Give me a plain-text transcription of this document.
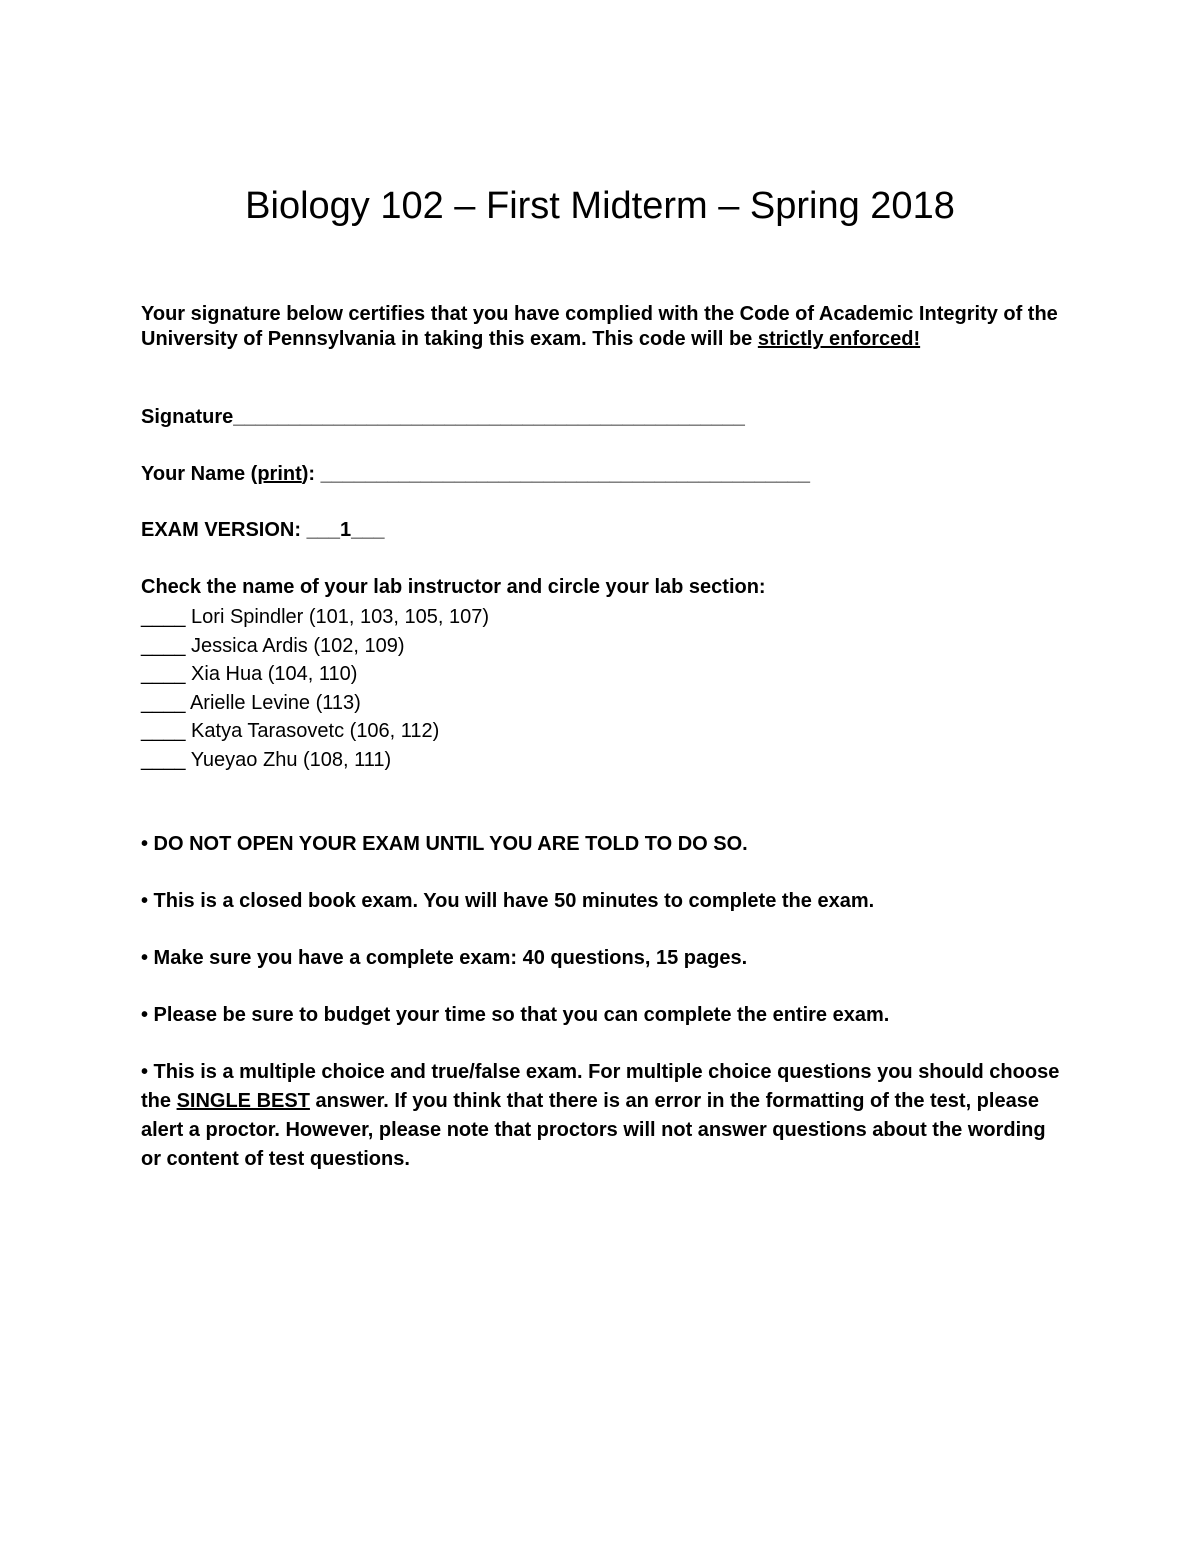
Biology 102 – First Midterm – Spring 2018

Your signature below certifies that you have complied with the Code of Academic Integrity of the University of Pennsylvania in taking this exam. This code will be strictly enforced!

Signature______________________________________________
Your Name (print): ____________________________________________
EXAM VERSION: ___1___
Check the name of your lab instructor and circle your lab section:
____ Lori Spindler (101, 103, 105, 107)
____ Jessica Ardis (102, 109)
____ Xia Hua (104, 110)
____ Arielle Levine (113)
____ Katya Tarasovetc (106, 112)
____ Yueyao Zhu (108, 111)
• DO NOT OPEN YOUR EXAM UNTIL YOU ARE TOLD TO DO SO.
• This is a closed book exam. You will have 50 minutes to complete the exam.
• Make sure you have a complete exam: 40 questions, 15 pages.
• Please be sure to budget your time so that you can complete the entire exam.
• This is a multiple choice and true/false exam. For multiple choice questions you should choose the SINGLE BEST answer. If you think that there is an error in the formatting of the test, please alert a proctor. However, please note that proctors will not answer questions about the wording or content of test questions.
